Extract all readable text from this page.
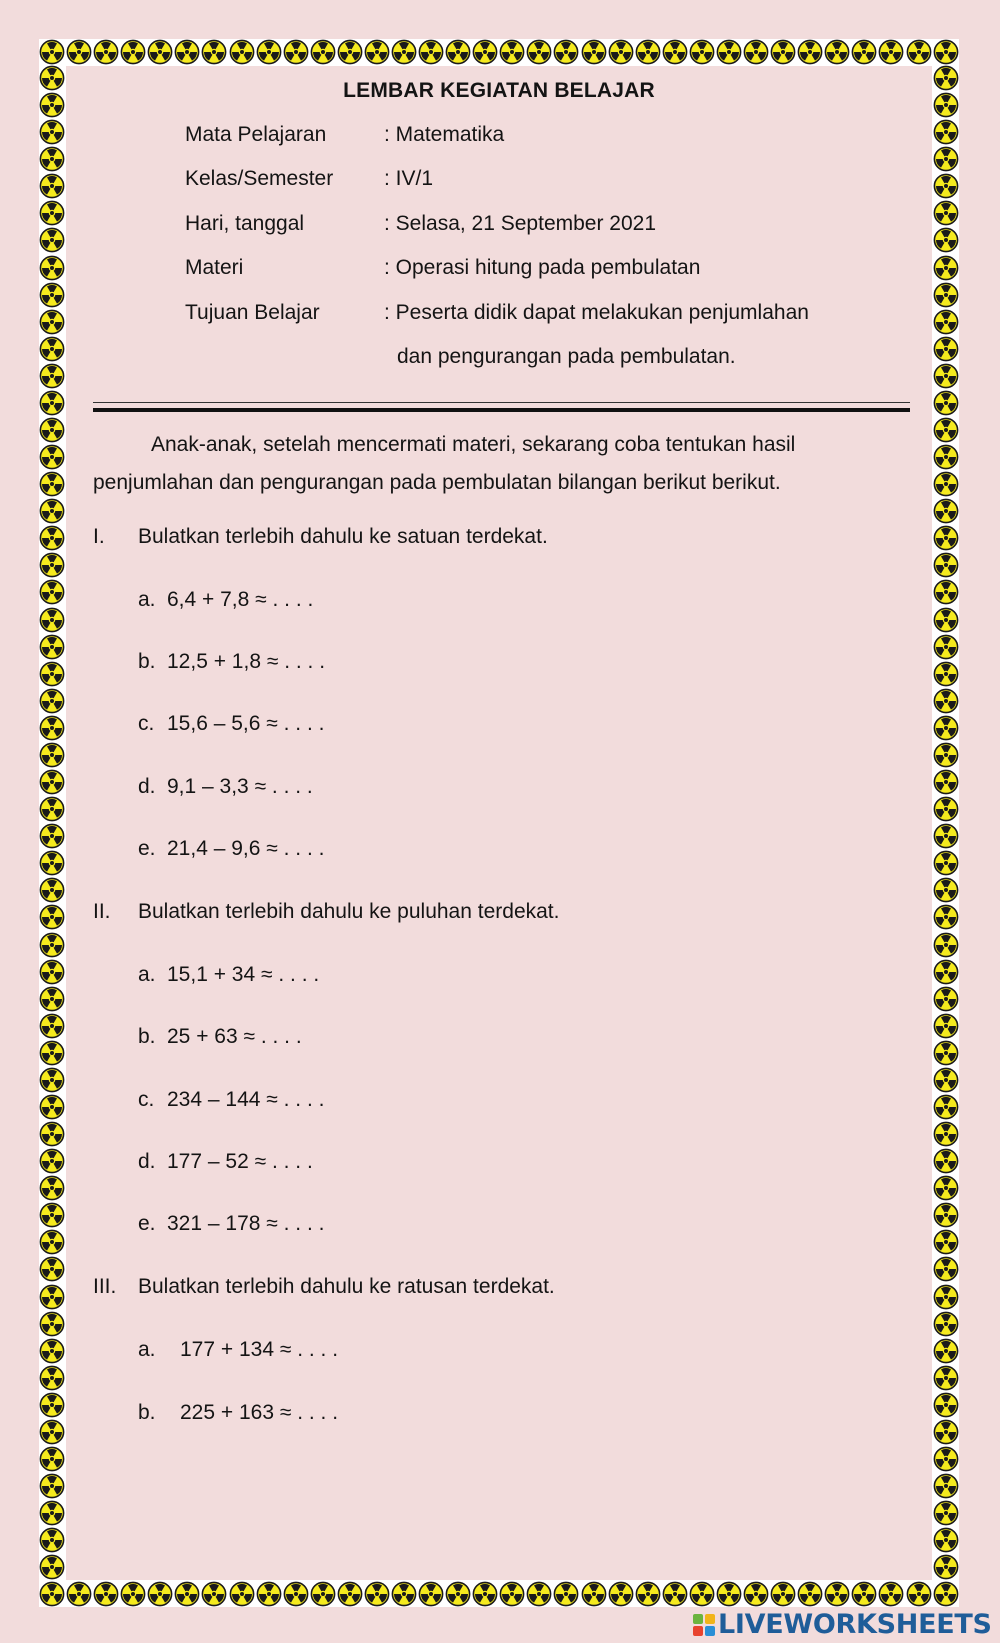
LEMBAR KEGIATAN BELAJAR
Mata Pelajaran	: Matematika
Kelas/Semester : IV/1
Hari, tanggal	: Selasa, 21 September 2021
Materi	: Operasi hitung pada pembulatan
Tujuan Belajar	: Peserta didik dapat melakukan penjumlahan
dan pengurangan pada pembulatan.
Anak-anak, setelah mencermati materi, sekarang coba tentukan hasil
penjumlahan dan pengurangan pada pembulatan bilangan berikut berikut.
I. Bulatkan terlebih dahulu ke satuan terdekat.
a. 6,4 + 7,8 ≈ . . . .
b. 12,5 + 1,8 ≈ . . . .
c. 15,6 – 5,6 ≈ . . . .
d. 9,1 – 3,3 ≈ . . . .
e. 21,4 – 9,6 ≈ . . . .
II. Bulatkan terlebih dahulu ke puluhan terdekat.
a. 15,1 + 34 ≈ . . . .
b. 25 + 63 ≈ . . . .
c. 234 – 144 ≈ . . . .
d. 177 – 52 ≈ . . . .
e. 321 – 178 ≈ . . . .
III. Bulatkan terlebih dahulu ke ratusan terdekat.
a. 177 + 134 ≈ . . . .
b. 225 + 163 ≈ . . . .
LIVEWORKSHEETS
